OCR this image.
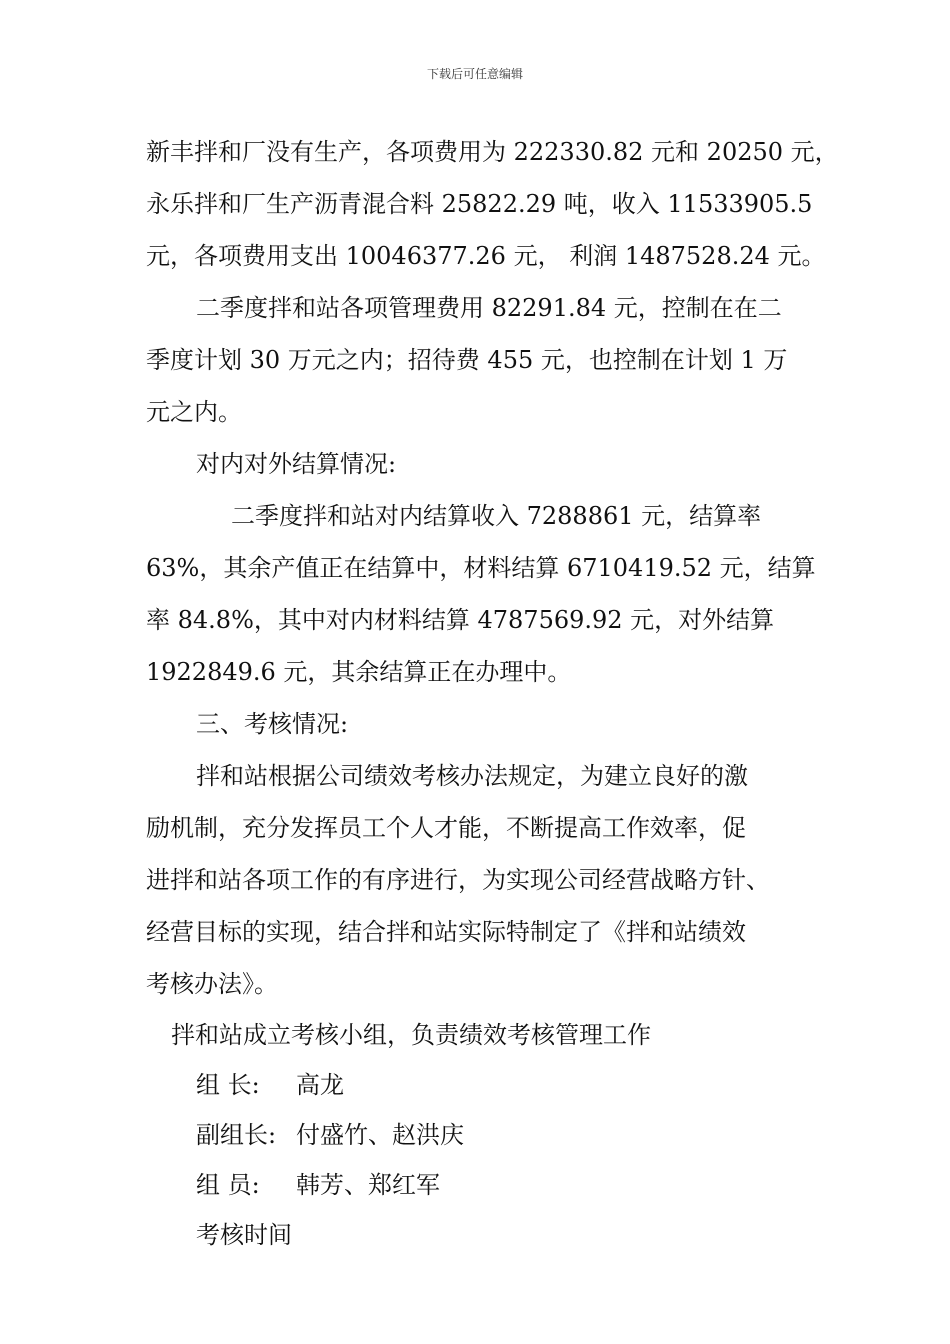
下载后可任意编辑

新丰拌和厂没有生产，各项费用为 222330.82 元和 20250 元，

永乐拌和厂生产沥青混合料 25822.29 吨，收入 11533905.5

元，各项费用支出 10046377.26 元， 利润 1487528.24 元。

二季度拌和站各项管理费用 82291.84 元，控制在在二

季度计划 30 万元之内；招待费 455 元，也控制在计划 1 万

元之内。

对内对外结算情况:

二季度拌和站对内结算收入 7288861 元，结算率

63%，其余产值正在结算中，材料结算 6710419.52 元，结算

率 84.8%，其中对内材料结算 4787569.92 元，对外结算

1922849.6 元，其余结算正在办理中。

三、考核情况:

拌和站根据公司绩效考核办法规定，为建立良好的激

励机制，充分发挥员工个人才能，不断提高工作效率，促

进拌和站各项工作的有序进行，为实现公司经营战略方针、

经营目标的实现，结合拌和站实际特制定了《拌和站绩效

考核办法》。

拌和站成立考核小组，负责绩效考核管理工作

组 长: 高龙

副组长: 付盛竹、赵洪庆

组 员: 韩芳、郑红军

考核时间
